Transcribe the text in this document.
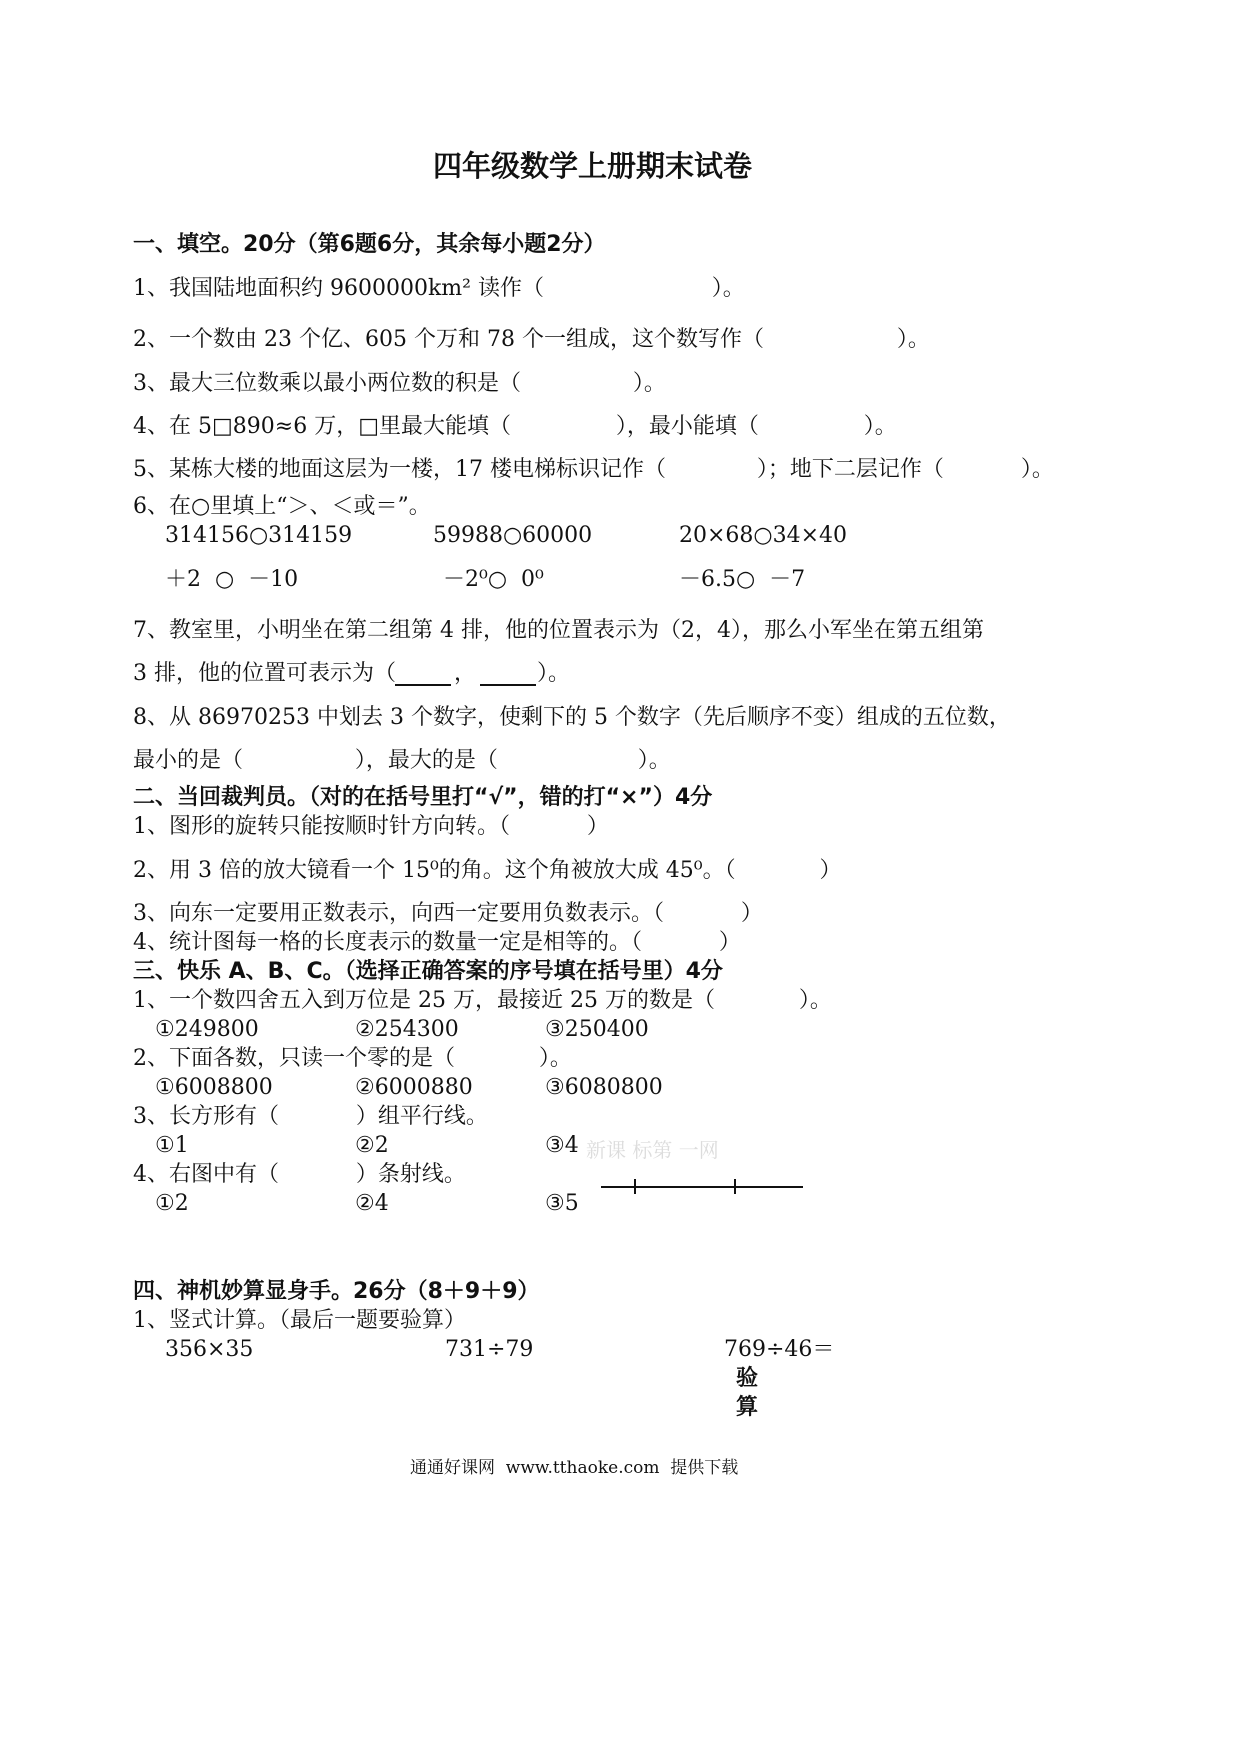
四年级数学上册期末试卷
一、填空。20分（第6题6分，其余每小题2分）
1、我国陆地面积约 9600000km² 读作（                        ）。
2、一个数由 23 个亿、605 个万和 78 个一组成，这个数写作（                   ）。
3、最大三位数乘以最小两位数的积是（                ）。
4、在 5□890≈6 万，□里最大能填（               ），最小能填（               ）。
5、某栋大楼的地面这层为一楼，17 楼电梯标识记作（             ）；地下二层记作（           ）。
6、在○里填上“＞、＜或＝”。
314156○314159	59988○60000	20×68○34×40
＋2  ○  －10	－2⁰○  0⁰	－6.5○  －7
7、教室里，小明坐在第二组第 4 排，他的位置表示为（2，4），那么小军坐在第五组第
3 排，他的位置可表示为（	，	）。
8、从 86970253 中划去 3 个数字，使剩下的 5 个数字（先后顺序不变）组成的五位数，
最小的是（                ），最大的是（                    ）。
二、当回裁判员。（对的在括号里打“√”，错的打“×”）4分
1、图形的旋转只能按顺时针方向转。（           ）
2、用 3 倍的放大镜看一个 15⁰的角。这个角被放大成 45⁰。（            ）
3、向东一定要用正数表示，向西一定要用负数表示。（           ）
4、统计图每一格的长度表示的数量一定是相等的。（           ）
三、快乐 A、B、C。（选择正确答案的序号填在括号里）4分
1、一个数四舍五入到万位是 25 万，最接近 25 万的数是（            ）。
①249800	②254300	③250400
2、下面各数，只读一个零的是（            ）。
①6008800	②6000880	③6080800
3、长方形有（           ）组平行线。
①1	②2	③4 新课 标第 一网
4、右图中有（           ）条射线。
①2	②4	③5
四、神机妙算显身手。26分（8＋9＋9）
1、竖式计算。（最后一题要验算）
356×35	731÷79	769÷46＝
验
算
通通好课网  www.tthaoke.com  提供下载
